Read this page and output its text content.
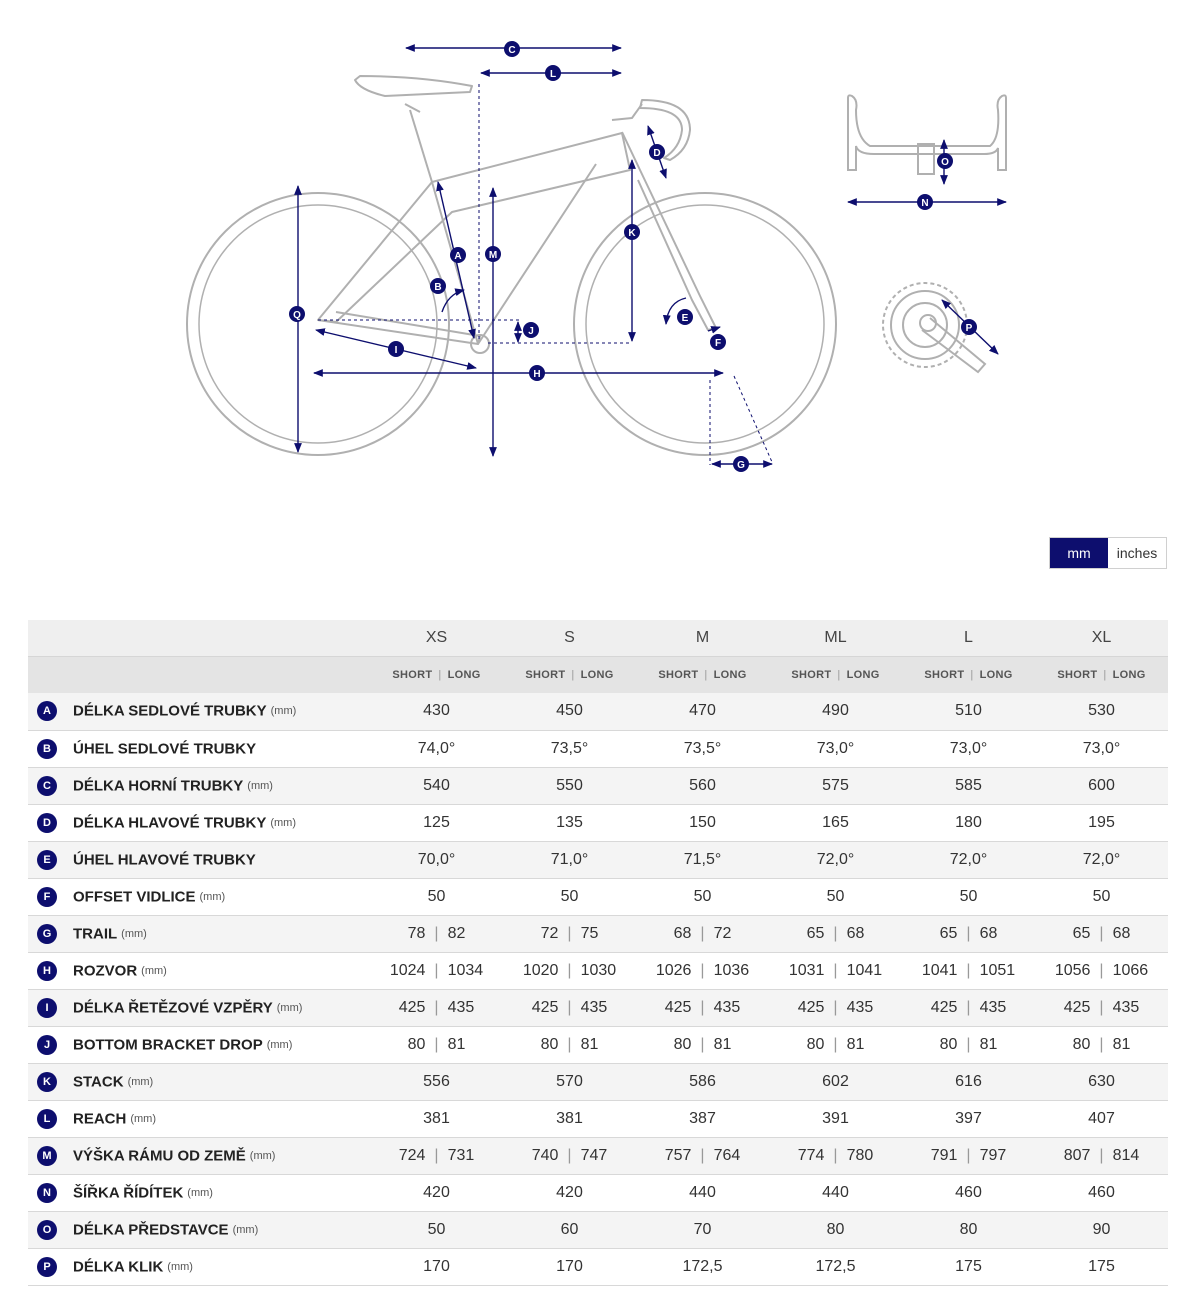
A
B
C
D
E
F
G
H
I
J
K
L
M
N
O
P
Q
mm	inches
	XS	S	M	ML	L	XL
	SHORT | LONG	SHORT | LONG	SHORT | LONG	SHORT | LONG	SHORT | LONG	SHORT | LONG
A DÉLKA SEDLOVÉ TRUBKY (mm)	430	450	470	490	510	530
B ÚHEL SEDLOVÉ TRUBKY	74,0°	73,5°	73,5°	73,0°	73,0°	73,0°
C DÉLKA HORNÍ TRUBKY (mm)	540	550	560	575	585	600
D DÉLKA HLAVOVÉ TRUBKY (mm)	125	135	150	165	180	195
E ÚHEL HLAVOVÉ TRUBKY	70,0°	71,0°	71,5°	72,0°	72,0°	72,0°
F OFFSET VIDLICE (mm)	50	50	50	50	50	50
G TRAIL (mm)	78 | 82	72 | 75	68 | 72	65 | 68	65 | 68	65 | 68
H ROZVOR (mm)	1024 | 1034	1020 | 1030	1026 | 1036	1031 | 1041	1041 | 1051	1056 | 1066
I DÉLKA ŘETĚZOVÉ VZPĚRY (mm)	425 | 435	425 | 435	425 | 435	425 | 435	425 | 435	425 | 435
J BOTTOM BRACKET DROP (mm)	80 | 81	80 | 81	80 | 81	80 | 81	80 | 81	80 | 81
K STACK (mm)	556	570	586	602	616	630
L REACH (mm)	381	381	387	391	397	407
M VÝŠKA RÁMU OD ZEMĚ (mm)	724 | 731	740 | 747	757 | 764	774 | 780	791 | 797	807 | 814
N ŠÍŘKA ŘÍDÍTEK (mm)	420	420	440	440	460	460
O DÉLKA PŘEDSTAVCE (mm)	50	60	70	80	80	90
P DÉLKA KLIK (mm)	170	170	172,5	172,5	175	175
